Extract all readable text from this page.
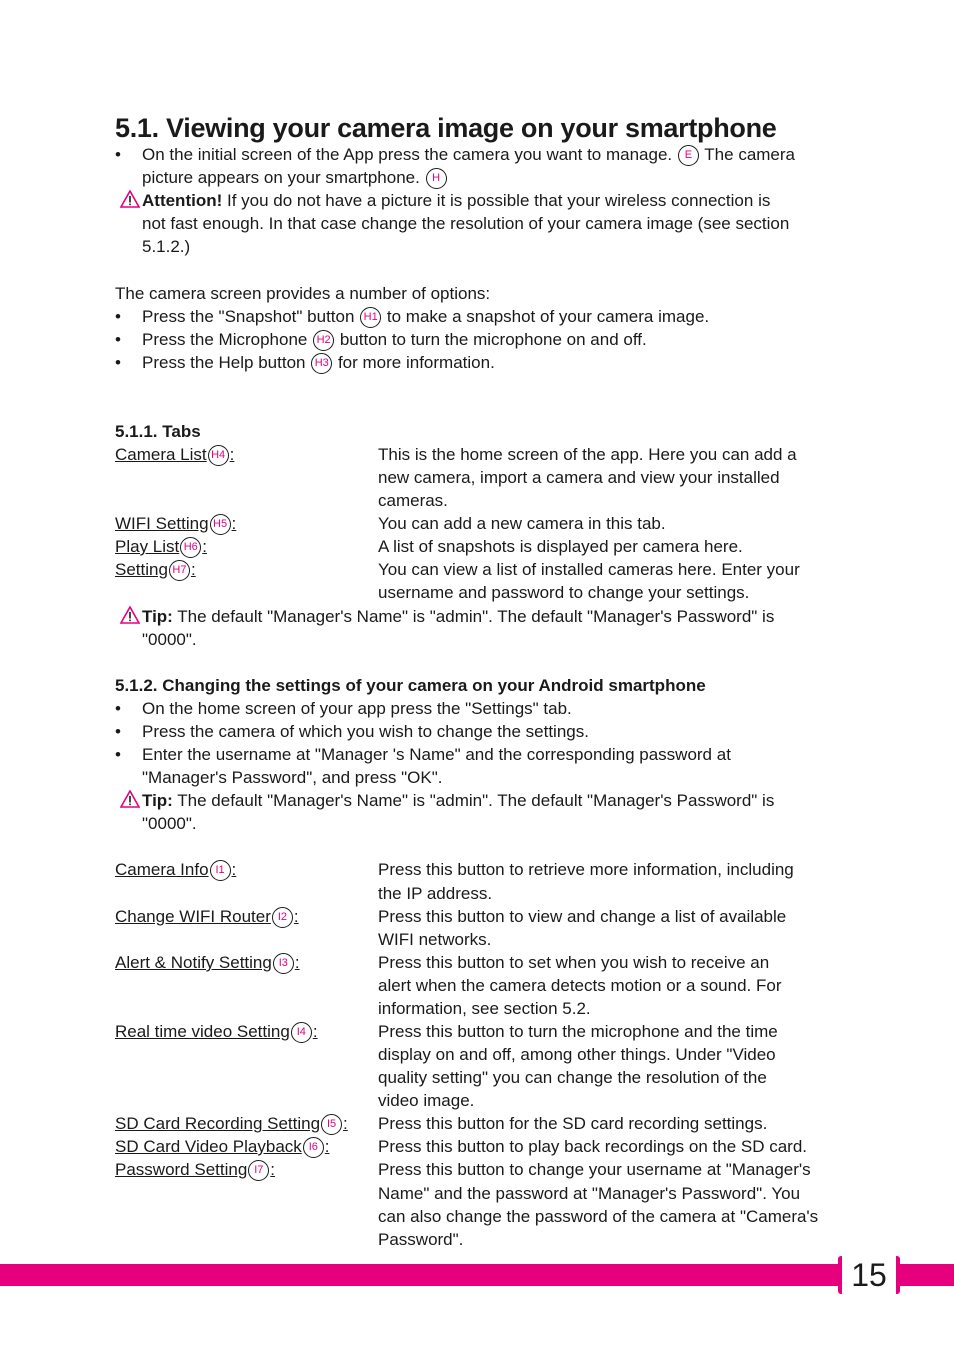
5.1. Viewing your camera image on your smartphone
• On the initial screen of the App press the camera you want to manage. E The camera
picture appears on your smartphone. H
Attention! If you do not have a picture it is possible that your wireless connection is
not fast enough. In that case change the resolution of your camera image (see section
5.1.2.)
The camera screen provides a number of options:
• Press the "Snapshot" button H1 to make a snapshot of your camera image.
• Press the Microphone H2 button to turn the microphone on and off.
• Press the Help button H3 for more information.
5.1.1. Tabs
Camera List H4 :	This is the home screen of the app. Here you can add a
new camera, import a camera and view your installed
cameras.
WIFI Setting H5 :	You can add a new camera in this tab.
Play List H6 :	A list of snapshots is displayed per camera here.
Setting H7 :	You can view a list of installed cameras here. Enter your
username and password to change your settings.
Tip: The default "Manager's Name" is "admin". The default "Manager's Password" is
"0000".
5.1.2. Changing the settings of your camera on your Android smartphone
• On the home screen of your app press the "Settings" tab.
• Press the camera of which you wish to change the settings.
• Enter the username at "Manager 's Name" and the corresponding password at
"Manager's Password", and press "OK".
Tip: The default "Manager's Name" is "admin". The default "Manager's Password" is
"0000".
Camera Info I1 :	Press this button to retrieve more information, including
the IP address.
Change WIFI Router I2 :	Press this button to view and change a list of available
WIFI networks.
Alert & Notify Setting I3 :	Press this button to set when you wish to receive an
alert when the camera detects motion or a sound. For
information, see section 5.2.
Real time video Setting I4 :	Press this button to turn the microphone and the time
display on and off, among other things. Under "Video
quality setting" you can change the resolution of the
video image.
SD Card Recording Setting I5 : Press this button for the SD card recording settings.
SD Card Video Playback I6 :	Press this button to play back recordings on the SD card.
Password Setting I7 :	Press this button to change your username at "Manager's
Name" and the password at "Manager's Password". You
can also change the password of the camera at "Camera's
Password".
15
